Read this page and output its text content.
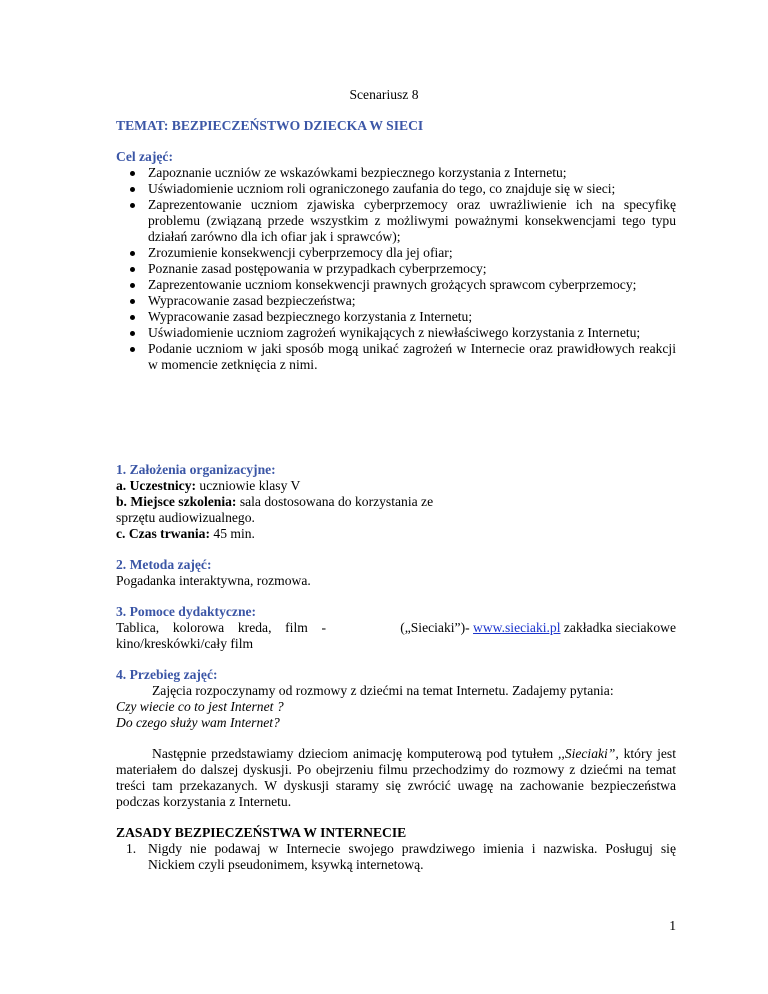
Scenariusz 8
TEMAT: BEZPIECZEŃSTWO DZIECKA W SIECI
Cel zajęć:
Zapoznanie uczniów ze wskazówkami bezpiecznego korzystania z Internetu;
Uświadomienie uczniom roli ograniczonego zaufania do tego, co znajduje się w sieci;
Zaprezentowanie uczniom zjawiska cyberprzemocy oraz uwrażliwienie ich na specyfikę problemu (związaną przede wszystkim z możliwymi poważnymi konsekwencjami tego typu działań zarówno dla ich ofiar jak i sprawców);
Zrozumienie konsekwencji cyberprzemocy dla jej ofiar;
Poznanie zasad postępowania w przypadkach cyberprzemocy;
Zaprezentowanie uczniom konsekwencji prawnych grożących sprawcom cyberprzemocy;
Wypracowanie zasad bezpieczeństwa;
Wypracowanie zasad bezpiecznego korzystania z Internetu;
Uświadomienie uczniom zagrożeń wynikających z niewłaściwego korzystania z Internetu;
Podanie uczniom w jaki sposób mogą unikać zagrożeń w Internecie oraz prawidłowych reakcji w momencie zetknięcia z nimi.
1. Założenia organizacyjne:
a. Uczestnicy: uczniowie klasy V
b. Miejsce szkolenia: sala dostosowana do korzystania ze
sprzętu audiowizualnego.
c. Czas trwania: 45 min.
2. Metoda zajęć:
Pogadanka interaktywna, rozmowa.
3. Pomoce dydaktyczne:
Tablica, kolorowa kreda, film -
kino/kreskówki/cały film
(„Sieciaki”)- www.sieciaki.pl zakładka sieciakowe
4. Przebieg zajęć:
Zajęcia rozpoczynamy od rozmowy z dziećmi na temat Internetu. Zadajemy pytania:
Czy wiecie co to jest Internet ?
Do czego służy wam Internet?
Następnie przedstawiamy dzieciom animację komputerową pod tytułem ,,Sieciaki”, który jest materiałem do dalszej dyskusji. Po obejrzeniu filmu przechodzimy do rozmowy z dziećmi na temat treści tam przekazanych. W dyskusji staramy się zwrócić uwagę na zachowanie bezpieczeństwa podczas korzystania z Internetu.
ZASADY BEZPIECZEŃSTWA W INTERNECIE
1. Nigdy nie podawaj w Internecie swojego prawdziwego imienia i nazwiska. Posługuj się Nickiem czyli pseudonimem, ksywką internetową.
1
